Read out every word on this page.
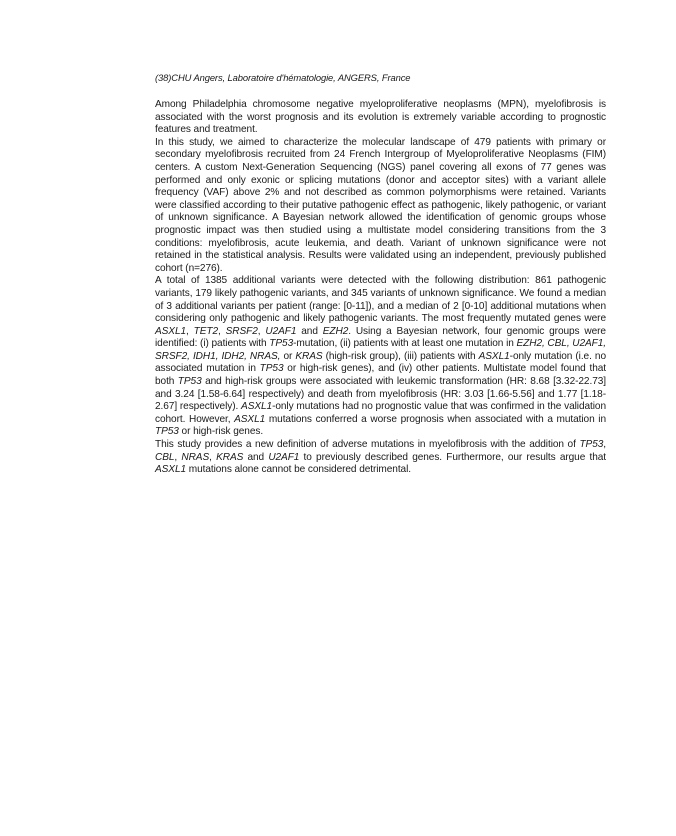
(38)CHU Angers, Laboratoire d'hématologie, ANGERS, France

Among Philadelphia chromosome negative myeloproliferative neoplasms (MPN), myelofibrosis is associated with the worst prognosis and its evolution is extremely variable according to prognostic features and treatment.

In this study, we aimed to characterize the molecular landscape of 479 patients with primary or secondary myelofibrosis recruited from 24 French Intergroup of Myeloproliferative Neoplasms (FIM) centers. A custom Next-Generation Sequencing (NGS) panel covering all exons of 77 genes was performed and only exonic or splicing mutations (donor and acceptor sites) with a variant allele frequency (VAF) above 2% and not described as common polymorphisms were retained. Variants were classified according to their putative pathogenic effect as pathogenic, likely pathogenic, or variant of unknown significance. A Bayesian network allowed the identification of genomic groups whose prognostic impact was then studied using a multistate model considering transitions from the 3 conditions: myelofibrosis, acute leukemia, and death. Variant of unknown significance were not retained in the statistical analysis. Results were validated using an independent, previously published cohort (n=276).

A total of 1385 additional variants were detected with the following distribution: 861 pathogenic variants, 179 likely pathogenic variants, and 345 variants of unknown significance. We found a median of 3 additional variants per patient (range: [0-11]), and a median of 2 [0-10] additional mutations when considering only pathogenic and likely pathogenic variants. The most frequently mutated genes were ASXL1, TET2, SRSF2, U2AF1 and EZH2. Using a Bayesian network, four genomic groups were identified: (i) patients with TP53-mutation, (ii) patients with at least one mutation in EZH2, CBL, U2AF1, SRSF2, IDH1, IDH2, NRAS, or KRAS (high-risk group), (iii) patients with ASXL1-only mutation (i.e. no associated mutation in TP53 or high-risk genes), and (iv) other patients. Multistate model found that both TP53 and high-risk groups were associated with leukemic transformation (HR: 8.68 [3.32-22.73] and 3.24 [1.58-6.64] respectively) and death from myelofibrosis (HR: 3.03 [1.66-5.56] and 1.77 [1.18-2.67] respectively). ASXL1-only mutations had no prognostic value that was confirmed in the validation cohort. However, ASXL1 mutations conferred a worse prognosis when associated with a mutation in TP53 or high-risk genes.

This study provides a new definition of adverse mutations in myelofibrosis with the addition of TP53, CBL, NRAS, KRAS and U2AF1 to previously described genes. Furthermore, our results argue that ASXL1 mutations alone cannot be considered detrimental.
